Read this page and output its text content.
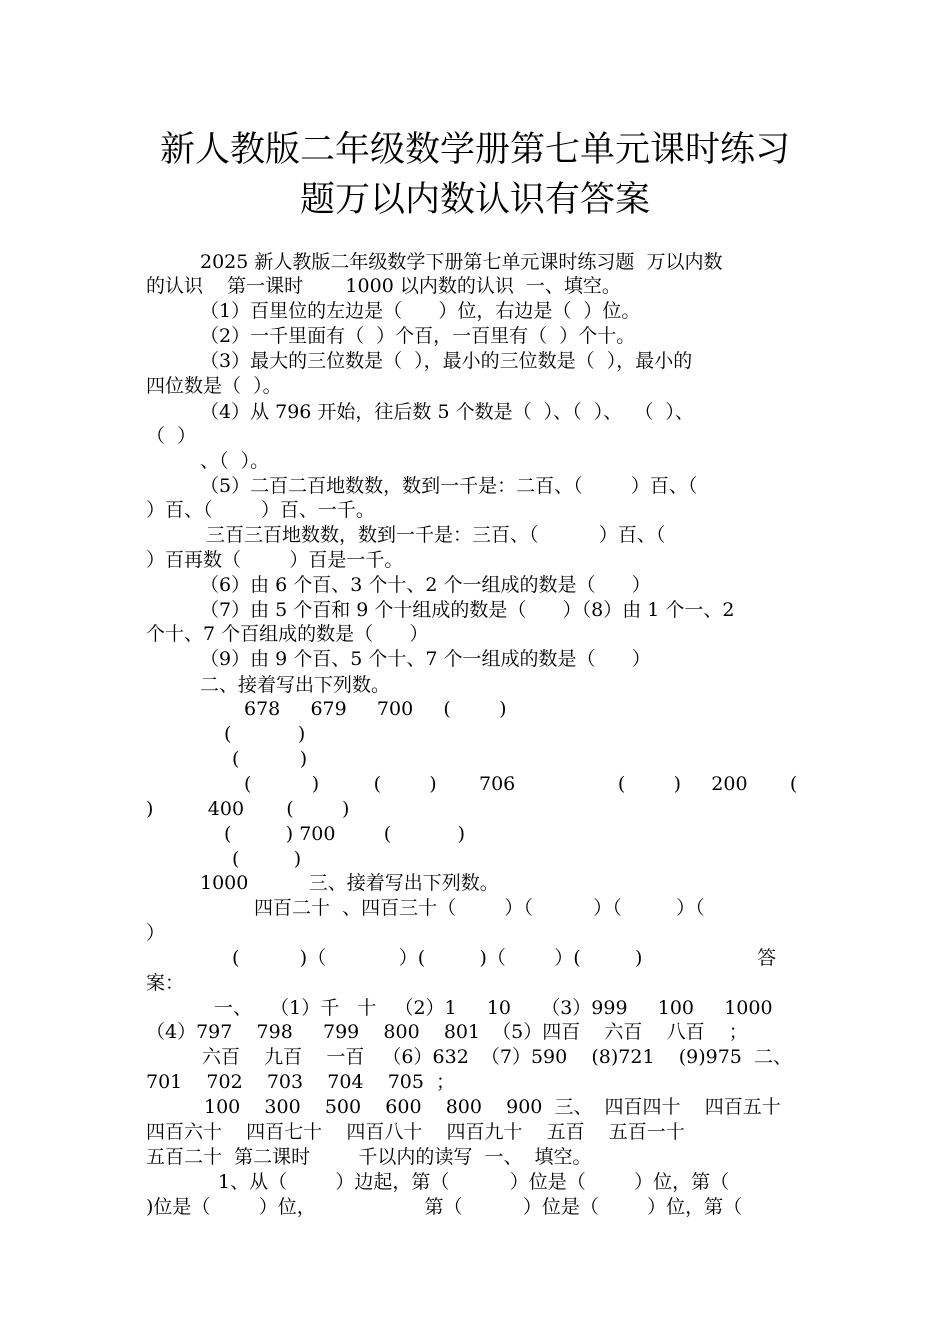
新人教版二年级数学册第七单元课时练习
题万以内数认识有答案
2025 新人教版二年级数学下册第七单元课时练习题  万以内数
的认识    第一课时       1000 以内数的认识  一、填空。
（1）百里位的左边是（      ）位，右边是（  ）位。
（2）一千里面有（  ）个百，一百里有（  ）个十。
（3）最大的三位数是（  ），最小的三位数是（  ），最小的
四位数是（  ）。
（4）从 796 开始，往后数 5 个数是（  ）、（  ）、  （  ）、
（  ）
、（  ）。
（5）二百二百地数数，数到一千是：二百、（        ）百、（
）百、（        ）百、一千。
三百三百地数数，数到一千是：三百、（          ）百、（
）百再数（        ）百是一千。
（6）由 6 个百、3 个十、2 个一组成的数是（      ）
（7）由 5 个百和 9 个十组成的数是（      ）（8）由 1 个一、2
个十、7 个百组成的数是（      ）
（9）由 9 个百、5 个十、7 个一组成的数是（      ）
二、接着写出下列数。
678     679     700     (        )
(           )
(          )
(          )         (        )       706                 (        )     200       (
)         400       (        )
(         ) 700        (           )
(         )
1000          三、接着写出下列数。
四百二十  、四百三十（        ）（          ）（         ）（
）
(          )（            ）(         )（        ）(         )                   答
案：
一、   （1）千   十   （2）1     10     （3）999     100     1000
（4）797    798     799    800    801  （5）四百    六百    八百    ；
六百    九百    一百   （6）632  （7）590    (8)721    (9)975  二、
701    702    703    704    705  ；
100    300    500    600    800    900  三、  四百四十    四百五十
四百六十    四百七十    四百八十    四百九十    五百    五百一十
五百二十  第二课时        千以内的读写  一、  填空。
1、从（        ）边起，第（          ）位是（        ）位，第（
)位是（        ）位，                  第（          ）位是（        ）位，第（
